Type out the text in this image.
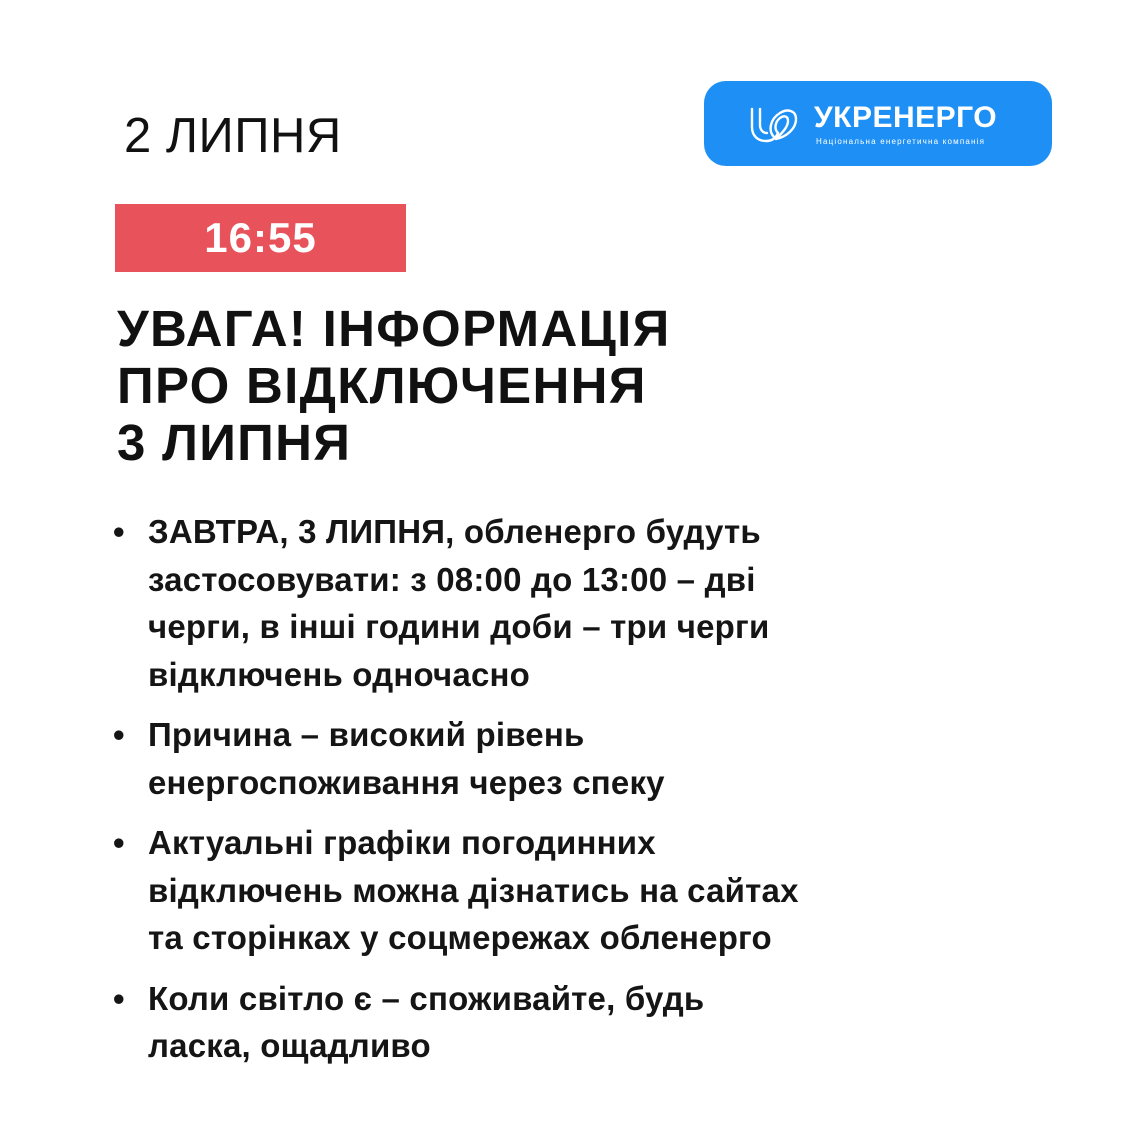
2 ЛИПНЯ	УКРЕНЕРГО
Національна енергетична компанія
16:55
УВАГА! ІНФОРМАЦІЯ
ПРО ВІДКЛЮЧЕННЯ
3 ЛИПНЯ
• ЗАВТРА, 3 ЛИПНЯ, обленерго будуть
застосовувати: з 08:00 до 13:00 – дві
черги, в інші години доби – три черги
відключень одночасно
• Причина – високий рівень
енергоспоживання через спеку
• Актуальні графіки погодинних
відключень можна дізнатись на сайтах
та сторінках у соцмережах обленерго
• Коли світло є – споживайте, будь
ласка, ощадливо
